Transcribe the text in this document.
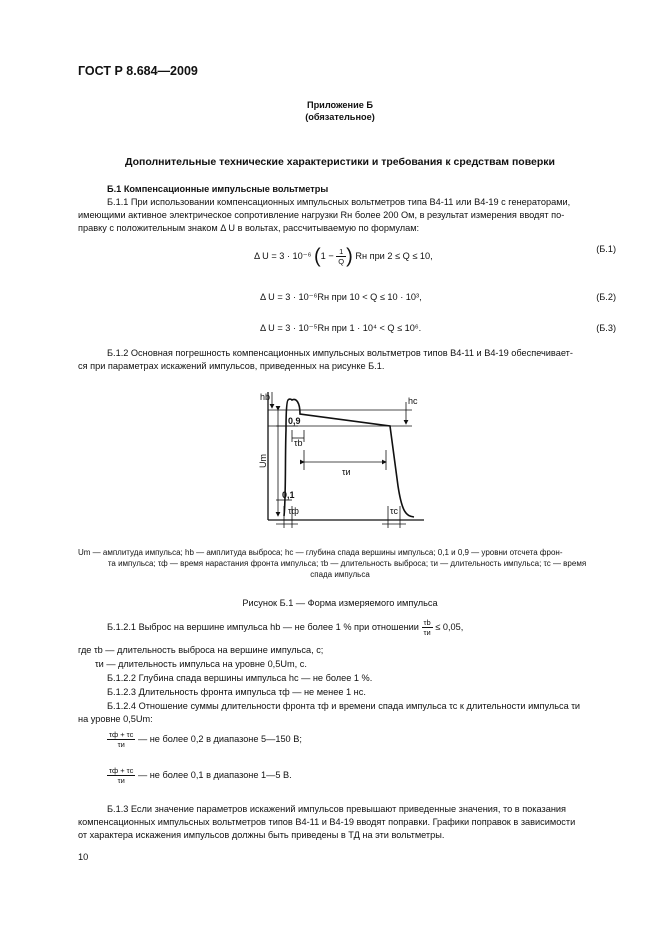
ГОСТ Р 8.684—2009
Приложение Б
(обязательное)
Дополнительные технические характеристики и требования к средствам поверки
Б.1 Компенсационные импульсные вольтметры
Б.1.1 При использовании компенсационных импульсных вольтметров типа В4-11 или В4-19 с генераторами,
имеющими активное электрическое сопротивление нагрузки Rн более 200 Ом, в результат измерения вводят по-
правку с положительным знаком Δ U в вольтах, рассчитываемую по формулам:
Δ U = 3 · 10⁻⁶ ($1 - \frac{1}{Q}$ ) Rн при 2 ≤ Q ≤ 10,
(Б.1)
Δ U = 3 · 10⁻⁶Rн при 10 < Q ≤ 10 · 10³,	(Б.2)
Δ U = 3 · 10⁻⁵Rн при 1 · 10⁴ < Q ≤ 10⁶.	(Б.3)
Б.1.2 Основная погрешность компенсационных импульсных вольтметров типов В4-11 и В4-19 обеспечивает-
ся при параметрах искажений импульсов, приведенных на рисунке Б.1.
Um
hb	hc
0,9
0,1
τb
τи
τф	τс
Um — амплитуда импульса; hb — амплитуда выброса; hc — глубина спада вершины импульса; 0,1 и 0,9 — уровни отсчета фрон-
та импульса; τф — время нарастания фронта импульса; τb — длительность выброса; τи — длительность импульса; τс — время
спада импульса
Рисунок Б.1 — Форма измеряемого импульса
Б.1.2.1 Выброс на вершине импульса hb — не более 1 % при отношении $\frac{\tau b}{\tau и} \le 0,05$,
где τb — длительность выброса на вершине импульса, с;
τи — длительность импульса на уровне 0,5Um, с.
Б.1.2.2 Глубина спада вершины импульса hc — не более 1 %.
Б.1.2.3 Длительность фронта импульса τф — не менее 1 нс.
Б.1.2.4 Отношение суммы длительности фронта τф и времени спада импульса τс к длительности импульса τи
на уровне 0,5Um:
$\frac{\tau ф + \tau с}{\tau и}$ — не более 0,2 в диапазоне 5—150 В;
$\frac{\tau ф + \tau с}{\tau и}$ — не более 0,1 в диапазоне 1—5 В.
Б.1.3 Если значение параметров искажений импульсов превышают приведенные значения, то в показания
компенсационных импульсных вольтметров типов В4-11 и В4-19 вводят поправки. Графики поправок в зависимости
от характера искажения импульсов должны быть приведены в ТД на эти вольтметры.
10
